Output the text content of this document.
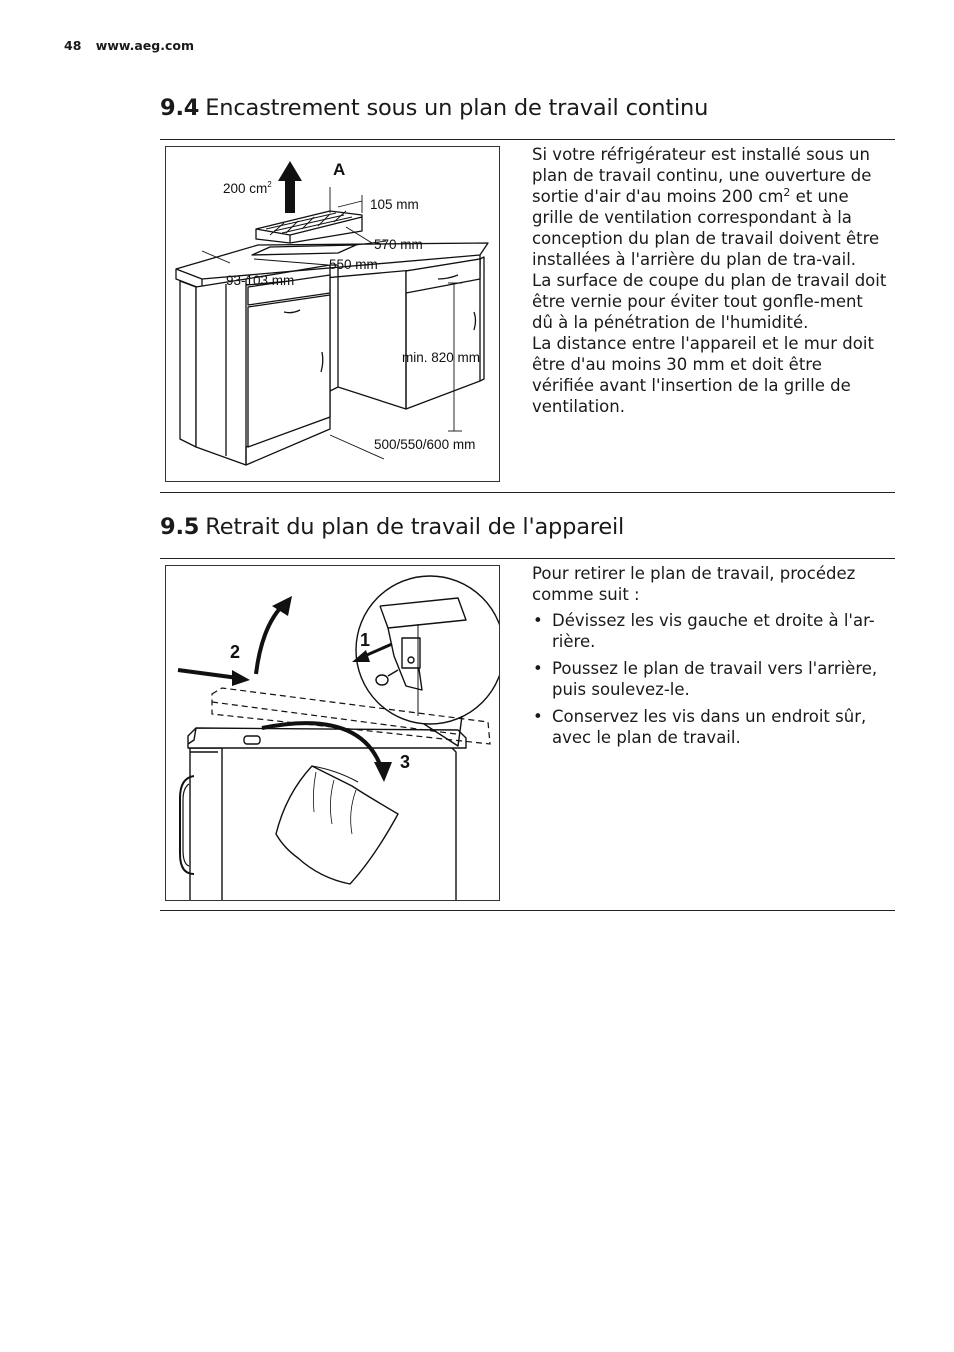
48 www.aeg.com
9.4 Encastrement sous un plan de travail continu
200 $cm^2$
A
105 mm
570 mm
550 mm
93-103 mm
min. 820 mm
500/550/600 mm

Si votre réfrigérateur est installé sous un plan de travail continu, une ouverture de sortie d'air d'au moins 200 $cm^2$ et une grille de ventilation correspondant à la conception du plan de travail doivent être installées à l'arrière du plan de tra-vail.

La surface de coupe du plan de travail doit être vernie pour éviter tout gonfle-ment dû à la pénétration de l'humidité.

La distance entre l'appareil et le mur doit être d'au moins 30 mm et doit être vérifiée avant l'insertion de la grille de ventilation.

9.5 Retrait du plan de travail de l'appareil
1
2
3

Pour retirer le plan de travail, procédez comme suit :

• Dévissez les vis gauche et droite à l'ar-rière.
• Poussez le plan de travail vers l'arrière, puis soulevez-le.
• Conservez les vis dans un endroit sûr, avec le plan de travail.
